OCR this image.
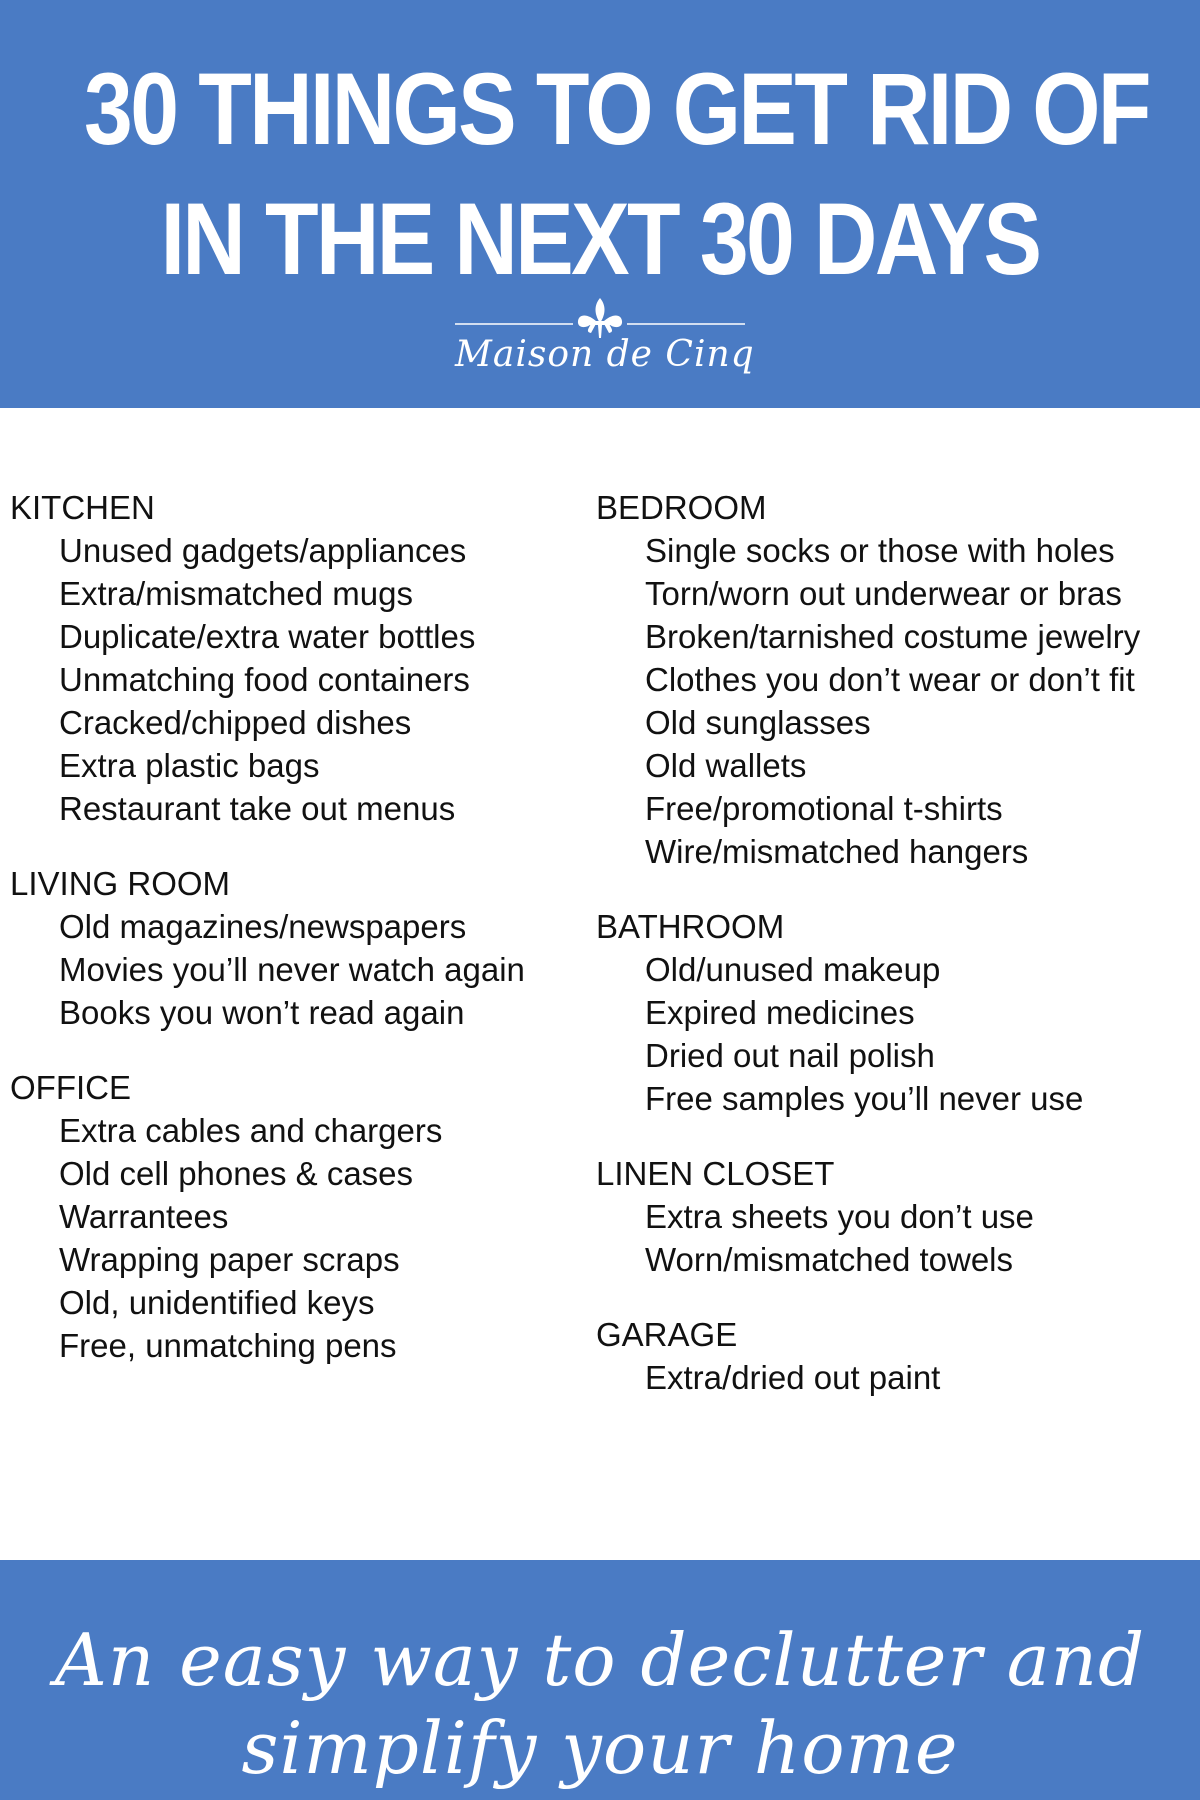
30 THINGS TO GET RID OF
IN THE NEXT 30 DAYS
Maison de Cinq
KITCHEN
Unused gadgets/appliances
Extra/mismatched mugs
Duplicate/extra water bottles
Unmatching food containers
Cracked/chipped dishes
Extra plastic bags
Restaurant take out menus
LIVING ROOM
Old magazines/newspapers
Movies you’ll never watch again
Books you won’t read again
OFFICE
Extra cables and chargers
Old cell phones & cases
Warrantees
Wrapping paper scraps
Old, unidentified keys
Free, unmatching pens
BEDROOM
Single socks or those with holes
Torn/worn out underwear or bras
Broken/tarnished costume jewelry
Clothes you don’t wear or don’t fit
Old sunglasses
Old wallets
Free/promotional t-shirts
Wire/mismatched hangers
BATHROOM
Old/unused makeup
Expired medicines
Dried out nail polish
Free samples you’ll never use
LINEN CLOSET
Extra sheets you don’t use
Worn/mismatched towels
GARAGE
Extra/dried out paint
An easy way to declutter and
simplify your home
